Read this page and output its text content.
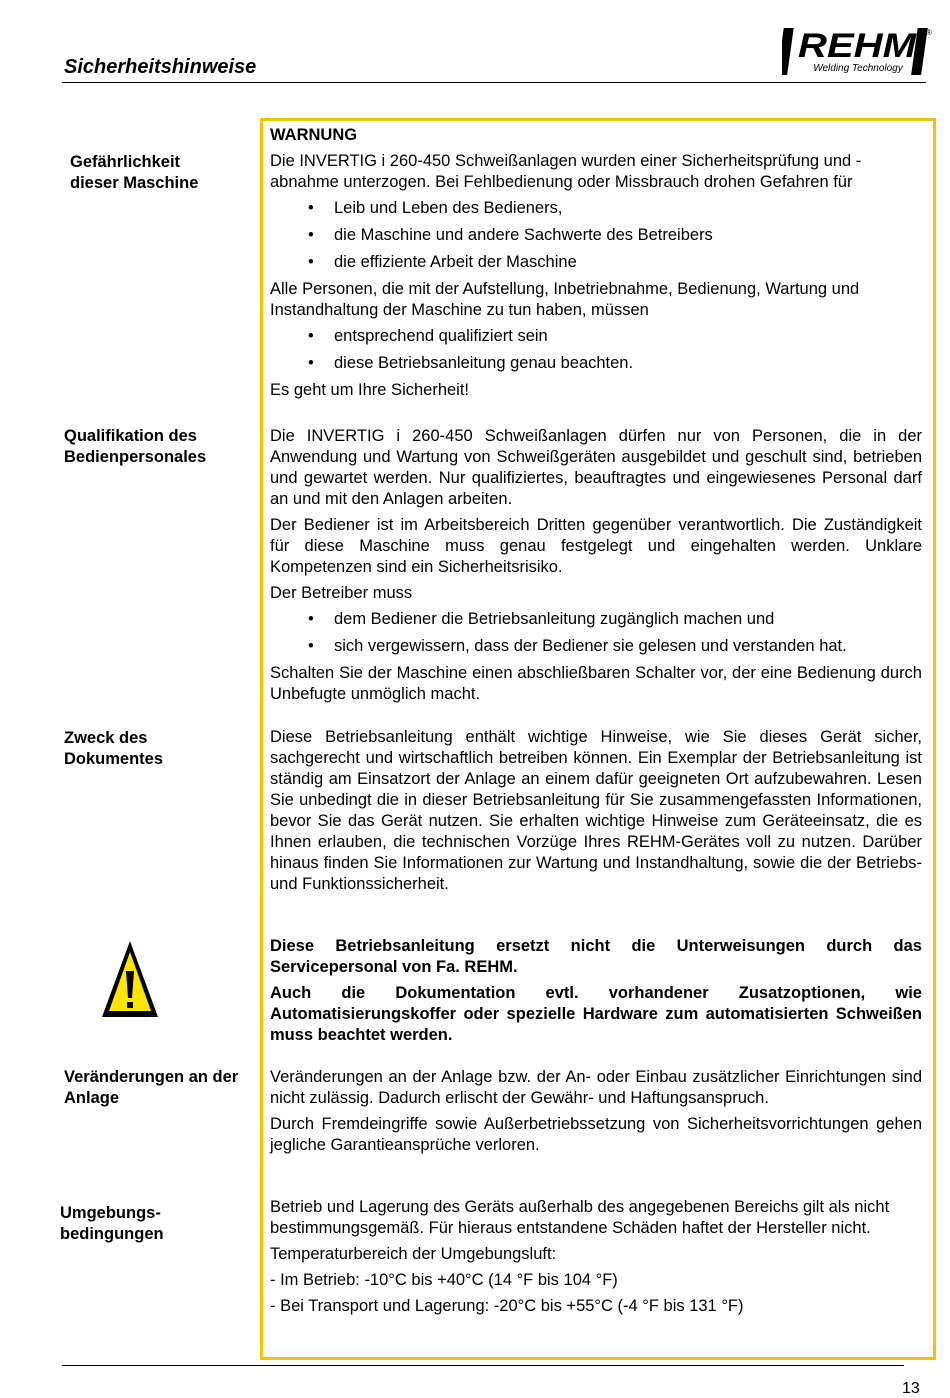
Sicherheitshinweise
REHM
Welding Technology
®
Gefährlichkeit dieser Maschine

WARNUNG

Die INVERTIG i 260-450 Schweißanlagen wurden einer Sicherheitsprüfung und -abnahme unterzogen. Bei Fehlbedienung oder Missbrauch drohen Gefahren für

• Leib und Leben des Bedieners,
• die Maschine und andere Sachwerte des Betreibers
• die effiziente Arbeit der Maschine

Alle Personen, die mit der Aufstellung, Inbetriebnahme, Bedienung, Wartung und Instandhaltung der Maschine zu tun haben, müssen

• entsprechend qualifiziert sein
• diese Betriebsanleitung genau beachten.

Es geht um Ihre Sicherheit!

Qualifikation des Bedienpersonales

Die INVERTIG i 260-450 Schweißanlagen dürfen nur von Personen, die in der Anwendung und Wartung von Schweißgeräten ausgebildet und geschult sind, betrieben und gewartet werden. Nur qualifiziertes, beauftragtes und eingewiesenes Personal darf an und mit den Anlagen arbeiten.

Der Bediener ist im Arbeitsbereich Dritten gegenüber verantwortlich. Die Zuständigkeit für diese Maschine muss genau festgelegt und eingehalten werden. Unklare Kompetenzen sind ein Sicherheitsrisiko.

Der Betreiber muss

• dem Bediener die Betriebsanleitung zugänglich machen und
• sich vergewissern, dass der Bediener sie gelesen und verstanden hat.

Schalten Sie der Maschine einen abschließbaren Schalter vor, der eine Bedienung durch Unbefugte unmöglich macht.

Zweck des Dokumentes

Diese Betriebsanleitung enthält wichtige Hinweise, wie Sie dieses Gerät sicher, sachgerecht und wirtschaftlich betreiben können. Ein Exemplar der Betriebsanleitung ist ständig am Einsatzort der Anlage an einem dafür geeigneten Ort aufzubewahren. Lesen Sie unbedingt die in dieser Betriebsanleitung für Sie zusammengefassten Informationen, bevor Sie das Gerät nutzen. Sie erhalten wichtige Hinweise zum Geräteeinsatz, die es Ihnen erlauben, die technischen Vorzüge Ihres REHM-Gerätes voll zu nutzen. Darüber hinaus finden Sie Informationen zur Wartung und Instandhaltung, sowie die der Betriebs- und Funktionssicherheit.

Diese Betriebsanleitung ersetzt nicht die Unterweisungen durch das Servicepersonal von Fa. REHM.

Auch die Dokumentation evtl. vorhandener Zusatzoptionen, wie Automatisierungskoffer oder spezielle Hardware zum automatisierten Schweißen muss beachtet werden.

Veränderungen an der Anlage

Veränderungen an der Anlage bzw. der An- oder Einbau zusätzlicher Einrichtungen sind nicht zulässig. Dadurch erlischt der Gewähr- und Haftungsanspruch.

Durch Fremdeingriffe sowie Außerbetriebssetzung von Sicherheitsvorrichtungen gehen jegliche Garantieansprüche verloren.

Umgebungs-
bedingungen

Betrieb und Lagerung des Geräts außerhalb des angegebenen Bereichs gilt als nicht bestimmungsgemäß. Für hieraus entstandene Schäden haftet der Hersteller nicht.

Temperaturbereich der Umgebungsluft:

- Im Betrieb: -10°C bis +40°C (14 °F bis 104 °F)

- Bei Transport und Lagerung: -20°C bis +55°C (-4 °F bis 131 °F)

13
